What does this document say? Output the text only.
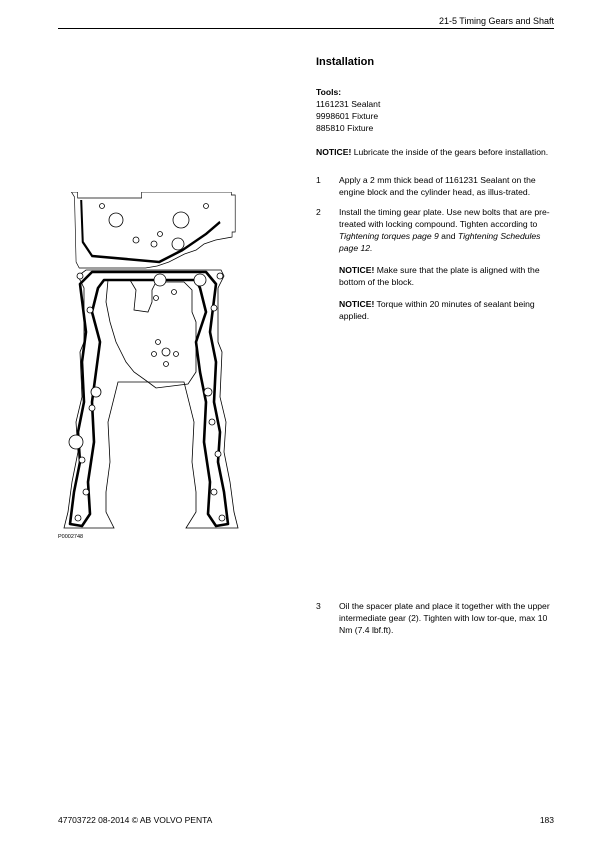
21-5 Timing Gears and Shaft
Installation
Tools:
1161231 Sealant
9998601 Fixture
885810 Fixture
NOTICE! Lubricate the inside of the gears before installation.
1 Apply a 2 mm thick bead of 1161231 Sealant on the engine block and the cylinder head, as illus-trated.
2 Install the timing gear plate. Use new bolts that are pre-treated with locking compound. Tighten according to Tightening torques page 9 and Tightening Schedules page 12.
NOTICE! Make sure that the plate is aligned with the bottom of the block.
NOTICE! Torque within 20 minutes of sealant being applied.
3 Oil the spacer plate and place it together with the upper intermediate gear (2). Tighten with low tor-que, max 10 Nm (7.4 lbf.ft).
P0002748
47703722 08-2014 © AB VOLVO PENTA	183
